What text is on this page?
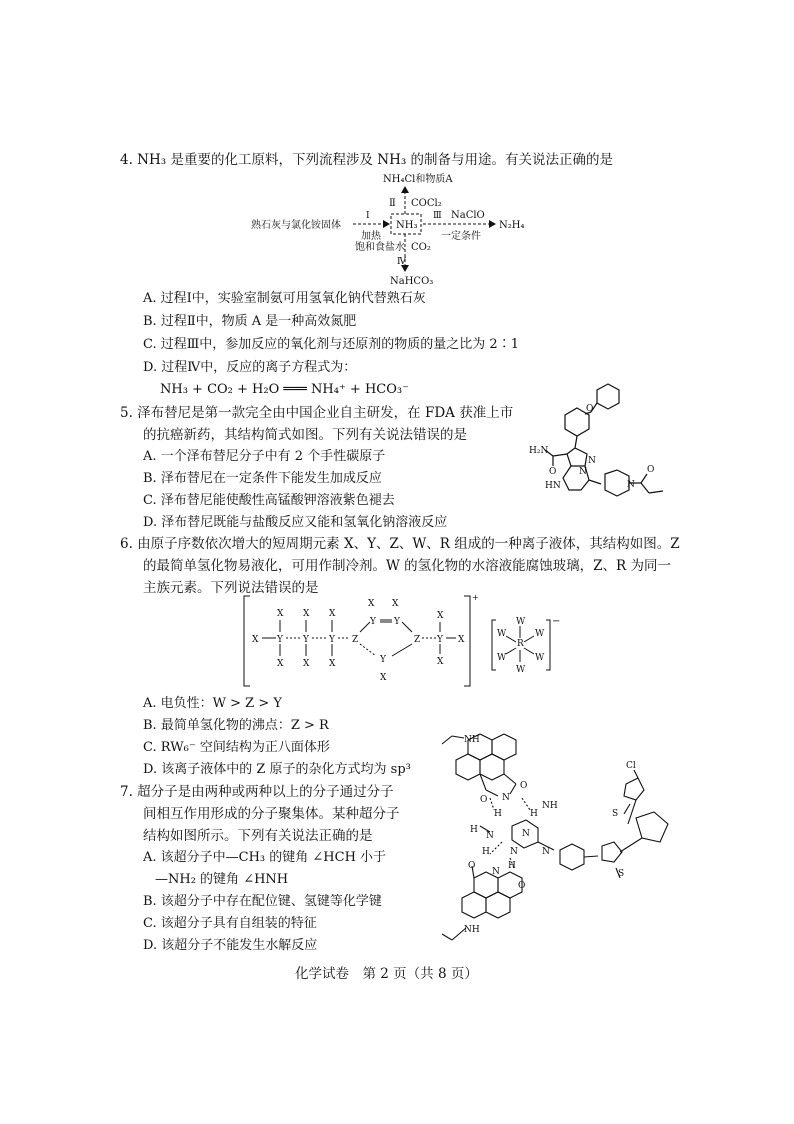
4. NH₃ 是重要的化工原料，下列流程涉及 NH₃ 的制备与用途。有关说法正确的是
NH₄Cl和物质A
Ⅱ COCl₂
熟石灰与氯化铵固体
Ⅰ
加热
NH₃
Ⅲ NaClO
一定条件
N₂H₄
饱和食盐水 CO₂
Ⅳ
NaHCO₃
A. 过程Ⅰ中，实验室制氨可用氢氧化钠代替熟石灰
B. 过程Ⅱ中，物质 A 是一种高效氮肥
C. 过程Ⅲ中，参加反应的氧化剂与还原剂的物质的量之比为 2∶1
D. 过程Ⅳ中，反应的离子方程式为：
NH₃ + CO₂ + H₂O ═══ NH₄⁺ + HCO₃⁻
5. 泽布替尼是第一款完全由中国企业自主研发，在 FDA 获准上市
的抗癌新药，其结构简式如图。下列有关说法错误的是
A. 一个泽布替尼分子中有 2 个手性碳原子
B. 泽布替尼在一定条件下能发生加成反应
C. 泽布替尼能使酸性高锰酸钾溶液紫色褪去
D. 泽布替尼既能与盐酸反应又能和氢氧化钠溶液反应
O
H₂N
O
N
N
HN	N
O
6. 由原子序数依次增大的短周期元素 X、Y、Z、W、R 组成的一种离子液体，其结构如图。Z
的最简单氢化物易液化，可用作制冷剂。W 的氢化物的水溶液能腐蚀玻璃，Z、R 为同一
主族元素。下列说法错误的是
X Y Y Y Z
Y Y
Z
Y
Y X
X
X
X
X
X
X
X X
X
X
X
+
R
W
W
W	W
W	W
−
A. 电负性：W > Z > Y
B. 最简单氢化物的沸点：Z > R
C. RW₆⁻ 空间结构为正八面体形
D. 该离子液体中的 Z 原子的杂化方式均为 sp³
7. 超分子是由两种或两种以上的分子通过分子
间相互作用形成的分子聚集体。某种超分子
结构如图所示。下列有关说法正确的是
A. 该超分子中—CH₃ 的键角 ∠HCH 小于
—NH₂ 的键角 ∠HNH
B. 该超分子中存在配位键、氢键等化学键
C. 该超分子具有自组装的特征
D. 该超分子不能发生水解反应
NH
O
O N
H	H
NH
H
N	N
N	N
H
H
O
N
O
Cl
S
S
NH
化学试卷　第 2 页（共 8 页）
